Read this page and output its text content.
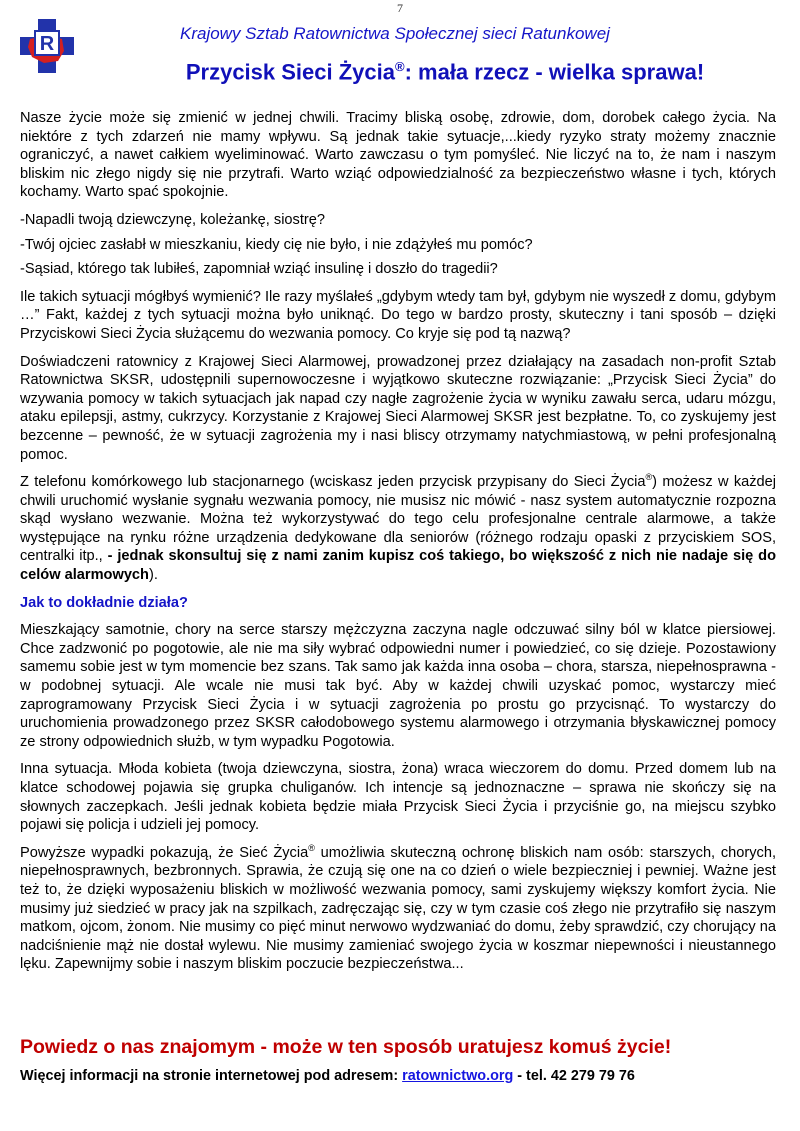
7
R	Krajowy Sztab Ratownictwa Społecznej sieci Ratunkowej
Przycisk Sieci Życia®: mała rzecz - wielka sprawa!

Nasze życie może się zmienić w jednej chwili. Tracimy bliską osobę, zdrowie, dom, dorobek całego życia. Na niektóre z tych zdarzeń nie mamy wpływu. Są jednak takie sytuacje,...kiedy ryzyko straty możemy znacznie ograniczyć, a nawet całkiem wyeliminować. Warto zawczasu o tym pomyśleć. Nie liczyć na to, że nam i naszym bliskim nic złego nigdy się nie przytrafi. Warto wziąć odpowiedzialność za bezpieczeństwo własne i tych, których kochamy. Warto spać spokojnie.

-Napadli twoją dziewczynę, koleżankę, siostrę?

-Twój ojciec zasłabł w mieszkaniu, kiedy cię nie było, i nie zdążyłeś mu pomóc?

-Sąsiad, którego tak lubiłeś, zapomniał wziąć insulinę i doszło do tragedii?

Ile takich sytuacji mógłbyś wymienić? Ile razy myślałeś „gdybym wtedy tam był, gdybym nie wyszedł z domu, gdybym …” Fakt, każdej z tych sytuacji można było uniknąć. Do tego w bardzo prosty, skuteczny i tani sposób – dzięki Przyciskowi Sieci Życia służącemu do wezwania pomocy. Co kryje się pod tą nazwą?

Doświadczeni ratownicy z Krajowej Sieci Alarmowej, prowadzonej przez działający na zasadach non-profit Sztab Ratownictwa SKSR, udostępnili supernowoczesne i wyjątkowo skuteczne rozwiązanie: „Przycisk Sieci Życia” do wzywania pomocy w takich sytuacjach jak napad czy nagłe zagrożenie życia w wyniku zawału serca, udaru mózgu, ataku epilepsji, astmy, cukrzycy. Korzystanie z Krajowej Sieci Alarmowej SKSR jest bezpłatne. To, co zyskujemy jest bezcenne – pewność, że w sytuacji zagrożenia my i nasi bliscy otrzymamy natychmiastową, w pełni profesjonalną pomoc.

Z telefonu komórkowego lub stacjonarnego (wciskasz jeden przycisk przypisany do Sieci Życia®) możesz w każdej chwili uruchomić wysłanie sygnału wezwania pomocy, nie musisz nic mówić - nasz system automatycznie rozpozna skąd wysłano wezwanie. Można też wykorzystywać do tego celu profesjonalne centrale alarmowe, a także występujące na rynku różne urządzenia dedykowane dla seniorów (różnego rodzaju opaski z przyciskiem SOS, centralki itp., - jednak skonsultuj się z nami zanim kupisz coś takiego, bo większość z nich nie nadaje się do celów alarmowych).

Jak to dokładnie działa?

Mieszkający samotnie, chory na serce starszy mężczyzna zaczyna nagle odczuwać silny ból w klatce piersiowej. Chce zadzwonić po pogotowie, ale nie ma siły wybrać odpowiedni numer i powiedzieć, co się dzieje. Pozostawiony samemu sobie jest w tym momencie bez szans. Tak samo jak każda inna osoba – chora, starsza, niepełnosprawna - w podobnej sytuacji. Ale wcale nie musi tak być. Aby w każdej chwili uzyskać pomoc, wystarczy mieć zaprogramowany Przycisk Sieci Życia i w sytuacji zagrożenia po prostu go przycisnąć. To wystarczy do uruchomienia prowadzonego przez SKSR całodobowego systemu alarmowego i otrzymania błyskawicznej pomocy ze strony odpowiednich służb, w tym wypadku Pogotowia.

Inna sytuacja. Młoda kobieta (twoja dziewczyna, siostra, żona) wraca wieczorem do domu. Przed domem lub na klatce schodowej pojawia się grupka chuliganów. Ich intencje są jednoznaczne – sprawa nie skończy się na słownych zaczepkach. Jeśli jednak kobieta będzie miała Przycisk Sieci Życia i przyciśnie go, na miejscu szybko pojawi się policja i udzieli jej pomocy.

Powyższe wypadki pokazują, że Sieć Życia® umożliwia skuteczną ochronę bliskich nam osób: starszych, chorych, niepełnosprawnych, bezbronnych. Sprawia, że czują się one na co dzień o wiele bezpieczniej i pewniej. Ważne jest też to, że dzięki wyposażeniu bliskich w możliwość wezwania pomocy, sami zyskujemy większy komfort życia. Nie musimy już siedzieć w pracy jak na szpilkach, zadręczając się, czy w tym czasie coś złego nie przytrafiło się naszym matkom, ojcom, żonom. Nie musimy co pięć minut nerwowo wydzwaniać do domu, żeby sprawdzić, czy chorujący na nadciśnienie mąż nie dostał wylewu. Nie musimy zamieniać swojego życia w koszmar niepewności i nieustannego lęku. Zapewnijmy sobie i naszym bliskim poczucie bezpieczeństwa...

Powiedz o nas znajomym - może w ten sposób uratujesz komuś życie!
Więcej informacji na stronie internetowej pod adresem: ratownictwo.org - tel. 42 279 79 76
